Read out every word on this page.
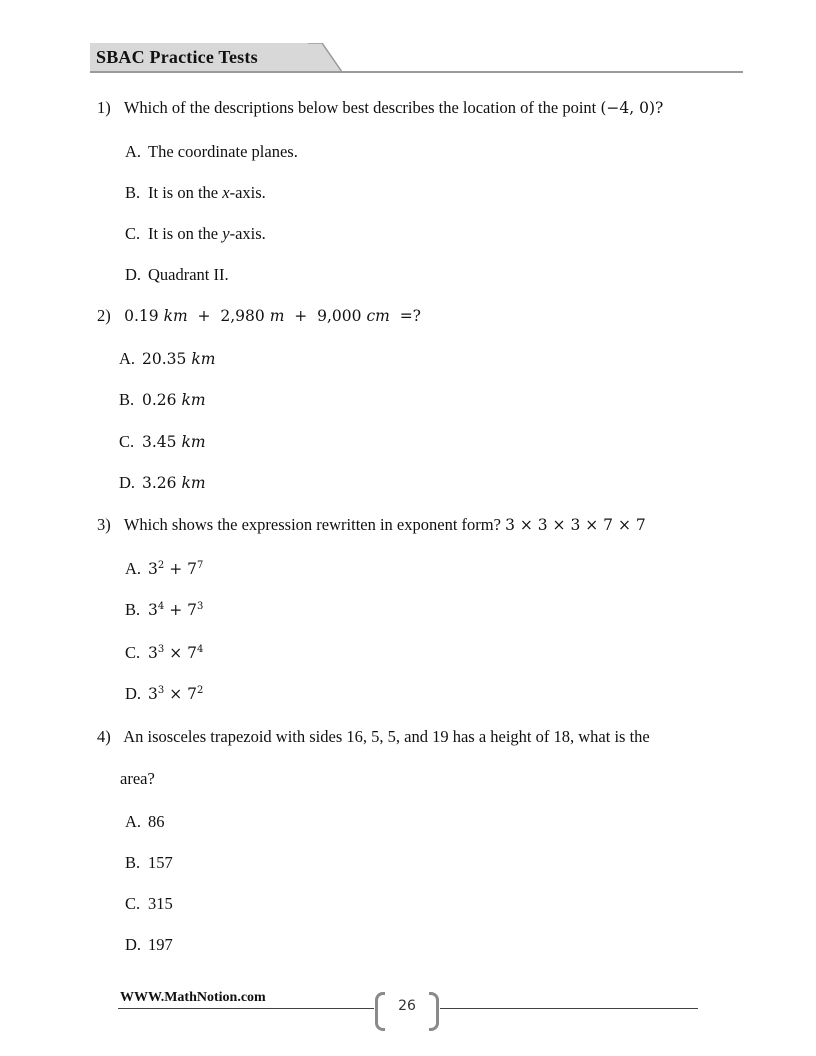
SBAC Practice Tests
1) Which of the descriptions below best describes the location of the point (−4, 0)?
A. The coordinate planes.
B. It is on the x-axis.
C. It is on the y-axis.
D. Quadrant II.
2) 0.19 km + 2,980 m + 9,000 cm =?
A. 20.35 km
B. 0.26 km
C. 3.45 km
D. 3.26 km
3) Which shows the expression rewritten in exponent form? 3 × 3 × 3 × 7 × 7
A. $3^2 + 7^7$
B. $3^4 + 7^3$
C. $3^3 \times 7^4$
D. $3^3 \times 7^2$
4) An isosceles trapezoid with sides 16, 5, 5, and 19 has a height of 18, what is the
area?
A. 86
B. 157
C. 315
D. 197
WWW.MathNotion.com
26
